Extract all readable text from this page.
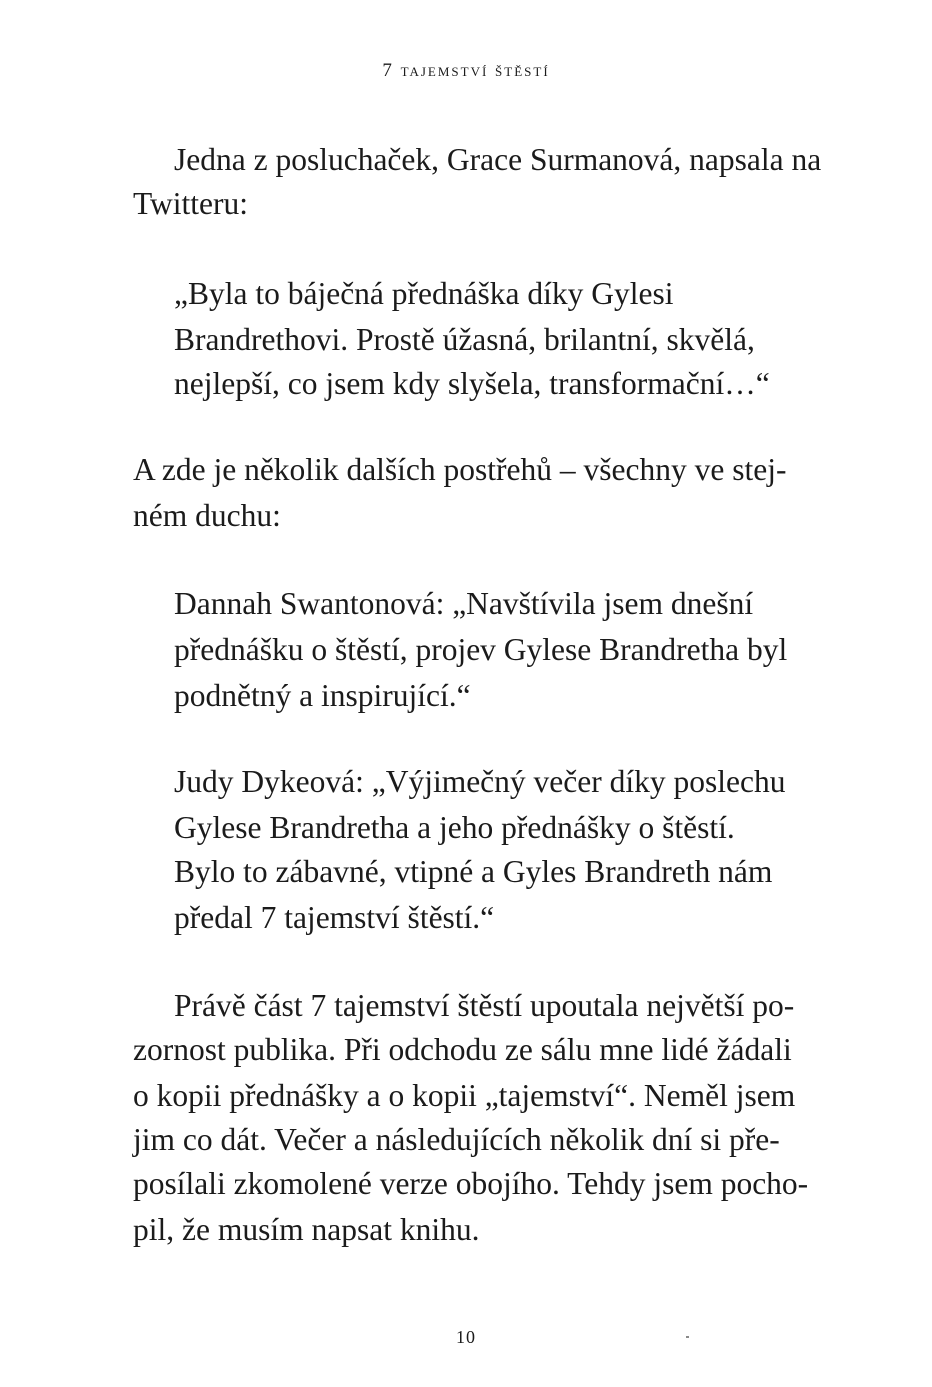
7 tajemství štěstí
Jedna z posluchaček, Grace Surmanová, napsala na
Twitteru:
„Byla to báječná přednáška díky Gylesi
Brandrethovi. Prostě úžasná, brilantní, skvělá,
nejlepší, co jsem kdy slyšela, transformační…“
A zde je několik dalších postřehů – všechny ve stej-
ném duchu:
Dannah Swantonová: „Navštívila jsem dnešní
přednášku o štěstí, projev Gylese Brandretha byl
podnětný a inspirující.“
Judy Dykeová: „Výjimečný večer díky poslechu
Gylese Brandretha a jeho přednášky o štěstí.
Bylo to zábavné, vtipné a Gyles Brandreth nám
předal 7 tajemství štěstí.“
Právě část 7 tajemství štěstí upoutala největší po-
zornost publika. Při odchodu ze sálu mne lidé žádali
o kopii přednášky a o kopii „tajemství“. Neměl jsem
jim co dát. Večer a následujících několik dní si pře-
posílali zkomolené verze obojího. Tehdy jsem pocho-
pil, že musím napsat knihu.
10
